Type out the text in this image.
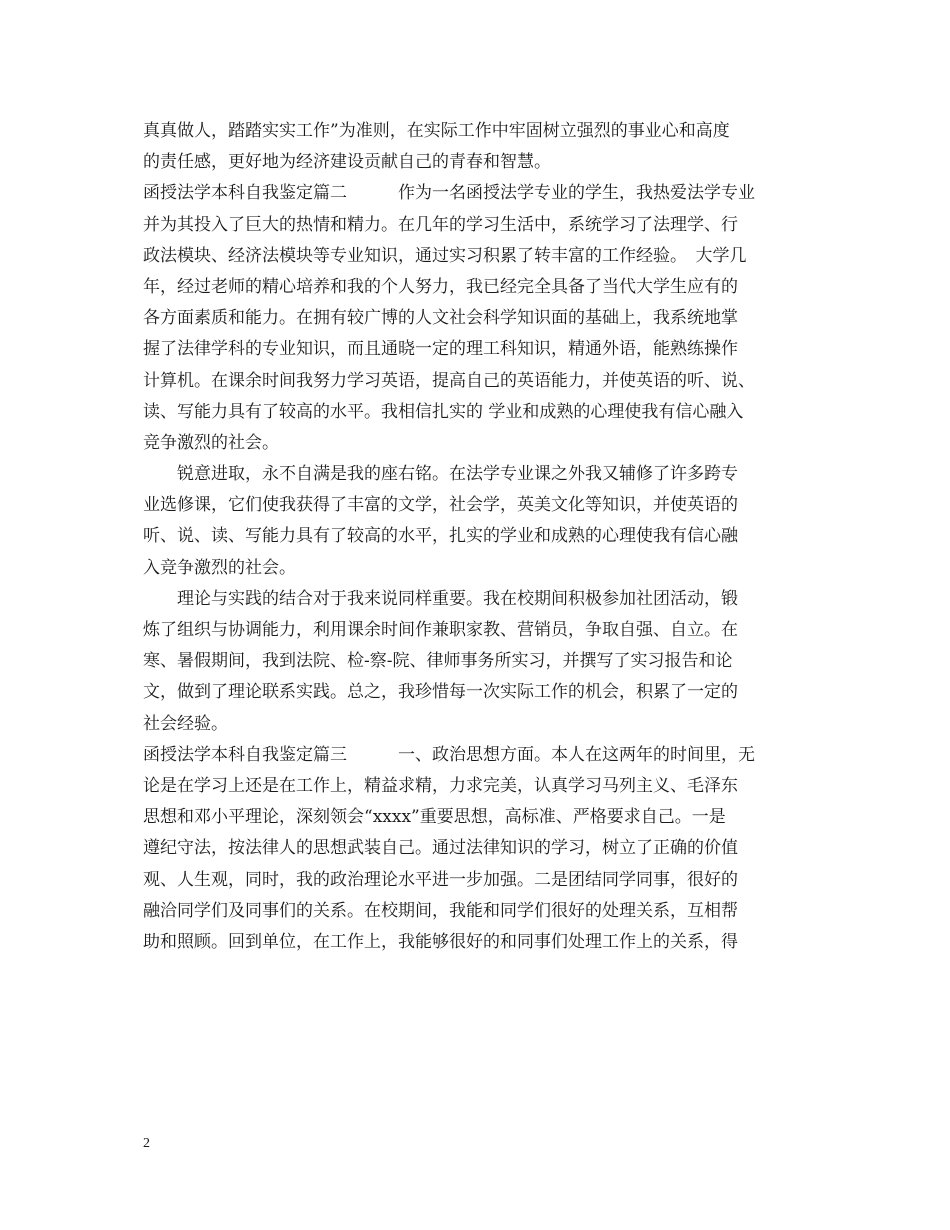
真真做人，踏踏实实工作”为准则，在实际工作中牢固树立强烈的事业心和高度
的责任感，更好地为经济建设贡献自己的青春和智慧。
函授法学本科自我鉴定篇二　　　作为一名函授法学专业的学生，我热爱法学专业
并为其投入了巨大的热情和精力。在几年的学习生活中，系统学习了法理学、行
政法模块、经济法模块等专业知识，通过实习积累了转丰富的工作经验。　大学几
年，经过老师的精心培养和我的个人努力，我已经完全具备了当代大学生应有的
各方面素质和能力。在拥有较广博的人文社会科学知识面的基础上，我系统地掌
握了法律学科的专业知识，而且通晓一定的理工科知识，精通外语，能熟练操作
计算机。在课余时间我努力学习英语，提高自己的英语能力，并使英语的听、说、
读、写能力具有了较高的水平。我相信扎实的 学业和成熟的心理使我有信心融入
竞争激烈的社会。
锐意进取，永不自满是我的座右铭。在法学专业课之外我又辅修了许多跨专
业选修课，它们使我获得了丰富的文学，社会学，英美文化等知识，并使英语的
听、说、读、写能力具有了较高的水平，扎实的学业和成熟的心理使我有信心融
入竞争激烈的社会。
理论与实践的结合对于我来说同样重要。我在校期间积极参加社团活动，锻
炼了组织与协调能力，利用课余时间作兼职家教、营销员，争取自强、自立。在
寒、暑假期间，我到法院、检-察-院、律师事务所实习，并撰写了实习报告和论
文，做到了理论联系实践。总之，我珍惜每一次实际工作的机会，积累了一定的
社会经验。
函授法学本科自我鉴定篇三　　　一、政治思想方面。本人在这两年的时间里，无
论是在学习上还是在工作上，精益求精，力求完美，认真学习马列主义、毛泽东
思想和邓小平理论，深刻领会“xxxx”重要思想，高标准、严格要求自己。一是
遵纪守法，按法律人的思想武装自己。通过法律知识的学习，树立了正确的价值
观、人生观，同时，我的政治理论水平进一步加强。二是团结同学同事，很好的
融洽同学们及同事们的关系。在校期间，我能和同学们很好的处理关系，互相帮
助和照顾。回到单位，在工作上，我能够很好的和同事们处理工作上的关系，得
2
